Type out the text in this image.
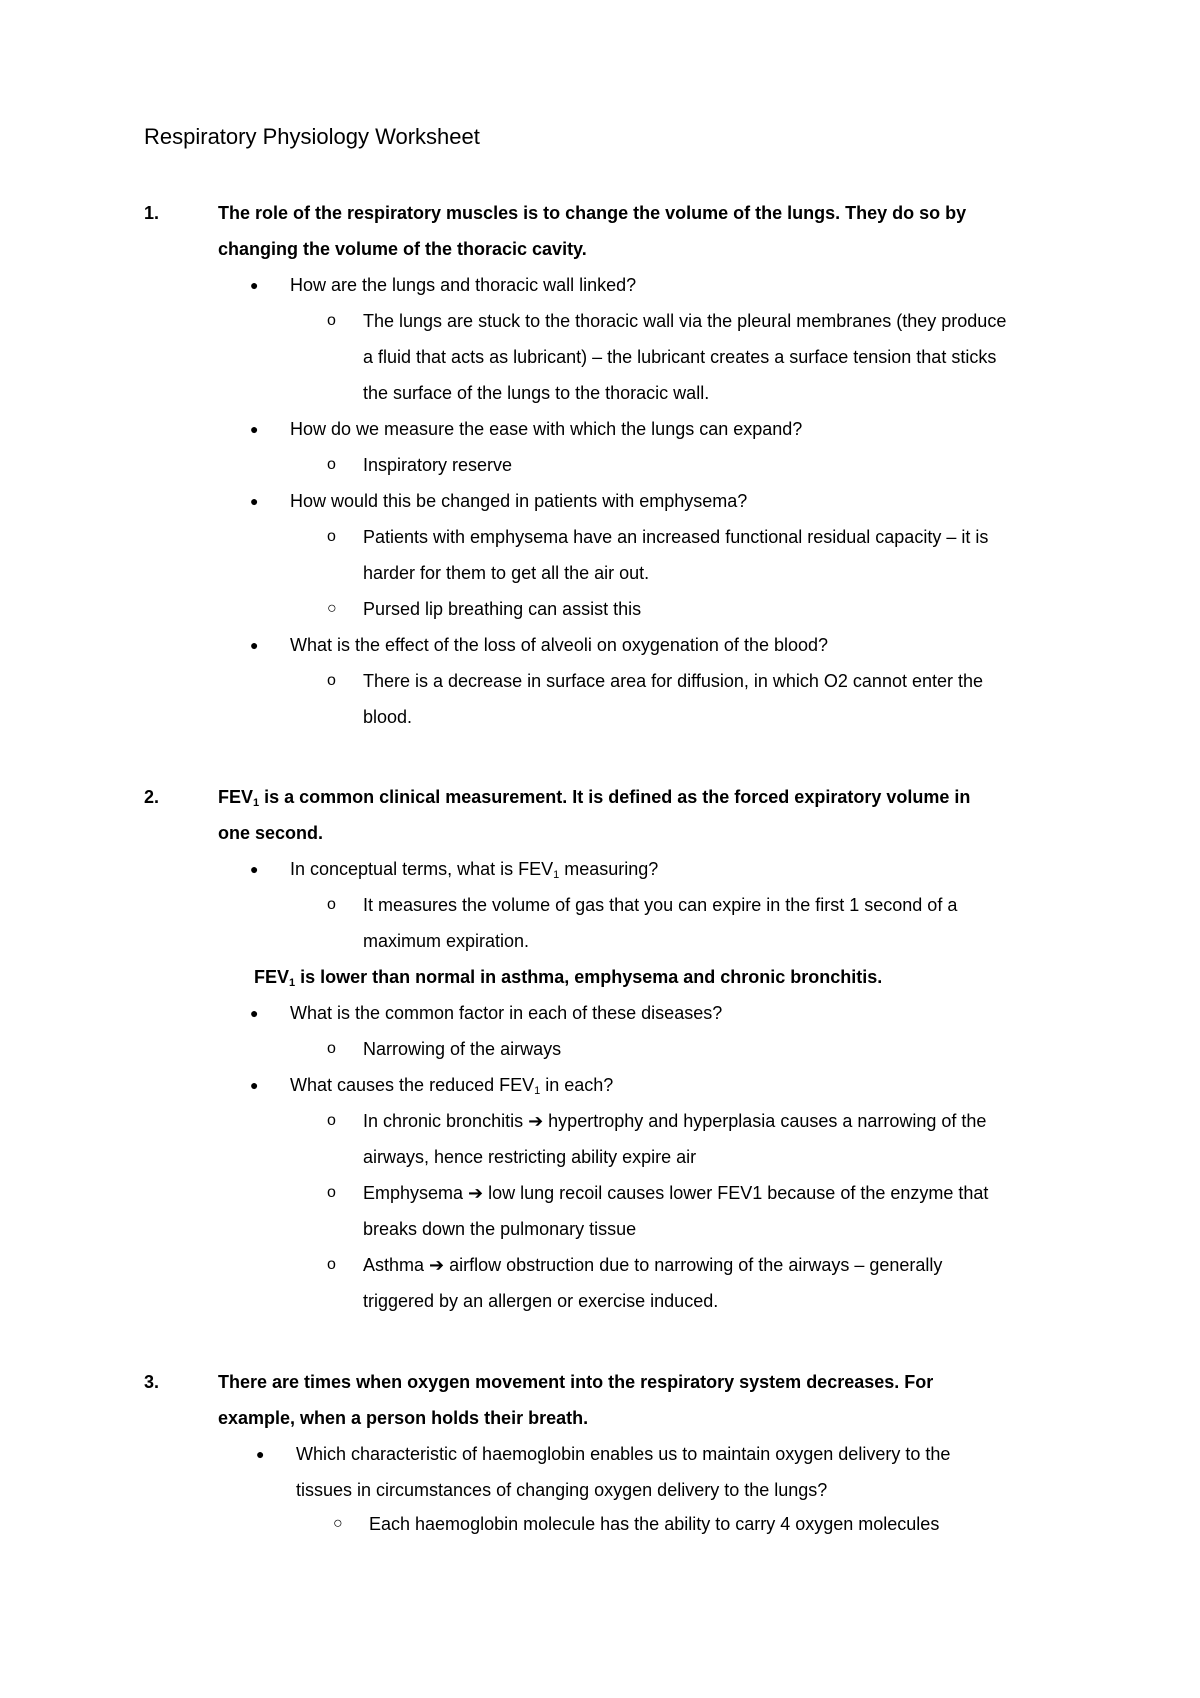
Respiratory Physiology Worksheet
1.	The role of the respiratory muscles is to change the volume of the lungs. They do so by
changing the volume of the thoracic cavity.
● How are the lungs and thoracic wall linked?
o The lungs are stuck to the thoracic wall via the pleural membranes (they produce
a fluid that acts as lubricant) – the lubricant creates a surface tension that sticks
the surface of the lungs to the thoracic wall.
● How do we measure the ease with which the lungs can expand?
o Inspiratory reserve
● How would this be changed in patients with emphysema?
o Patients with emphysema have an increased functional residual capacity – it is
harder for them to get all the air out.
○ Pursed lip breathing can assist this
● What is the effect of the loss of alveoli on oxygenation of the blood?
o There is a decrease in surface area for diffusion, in which O2 cannot enter the
blood.
2.	$FEV_1$ is a common clinical measurement. It is defined as the forced expiratory volume in
one second.
● In conceptual terms, what is $FEV_1$ measuring?
o It measures the volume of gas that you can expire in the first 1 second of a
maximum expiration.
$FEV_1$ is lower than normal in asthma, emphysema and chronic bronchitis.
● What is the common factor in each of these diseases?
o Narrowing of the airways
● What causes the reduced $FEV_1$ in each?
o In chronic bronchitis ➔ hypertrophy and hyperplasia causes a narrowing of the
airways, hence restricting ability expire air
o Emphysema ➔ low lung recoil causes lower FEV1 because of the enzyme that
breaks down the pulmonary tissue
o Asthma ➔ airflow obstruction due to narrowing of the airways – generally
triggered by an allergen or exercise induced.
3.	There are times when oxygen movement into the respiratory system decreases. For
example, when a person holds their breath.
● Which characteristic of haemoglobin enables us to maintain oxygen delivery to the
tissues in circumstances of changing oxygen delivery to the lungs?
○ Each haemoglobin molecule has the ability to carry 4 oxygen molecules
